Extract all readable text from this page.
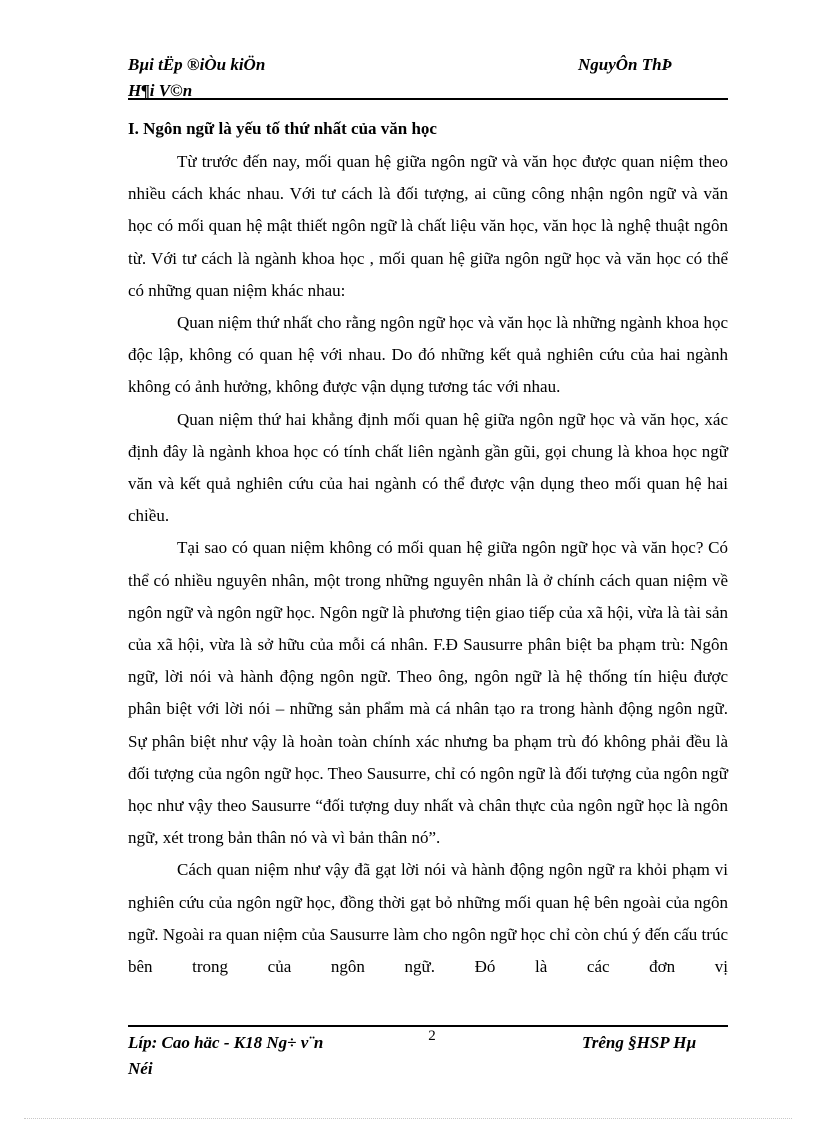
Bµi tËp ®iÒu kiÖn
H¶i V©n
NguyÔn ThÞ
I. Ngôn ngữ là yếu tố thứ nhất của văn học

Từ trước đến nay, mối quan hệ giữa ngôn ngữ và văn học được quan niệm theo nhiều cách khác nhau. Với tư cách là đối tượng, ai cũng công nhận ngôn ngữ và văn học có mối quan hệ mật thiết ngôn ngữ là chất liệu văn học, văn học là nghệ thuật ngôn từ. Với tư cách là ngành khoa học , mối quan hệ giữa ngôn ngữ học và văn học có thể có những quan niệm khác nhau:

Quan niệm thứ nhất cho rằng ngôn ngữ học và văn học là những ngành khoa học độc lập, không có quan hệ với nhau. Do đó những kết quả nghiên cứu của hai ngành không có ảnh hưởng, không được vận dụng tương tác với nhau.

Quan niệm thứ hai khẳng định mối quan hệ giữa ngôn ngữ học và văn học, xác định đây là ngành khoa học có tính chất liên ngành gần gũi, gọi chung là khoa học ngữ văn và kết quả nghiên cứu của hai ngành có thể được vận dụng theo mối quan hệ hai chiều.

Tại sao có quan niệm không có mối quan hệ giữa ngôn ngữ học và văn học? Có thể có nhiều nguyên nhân, một trong những nguyên nhân là ở chính cách quan niệm về ngôn ngữ và ngôn ngữ học. Ngôn ngữ là phương tiện giao tiếp của xã hội, vừa là tài sản của xã hội, vừa là sở hữu của mỗi cá nhân. F.Đ Sausurre phân biệt ba phạm trù: Ngôn ngữ, lời nói và hành động ngôn ngữ. Theo ông, ngôn ngữ là hệ thống tín hiệu được phân biệt với lời nói – những sản phẩm mà cá nhân tạo ra trong hành động ngôn ngữ. Sự phân biệt như vậy là hoàn toàn chính xác nhưng ba phạm trù đó không phải đều là đối tượng của ngôn ngữ học. Theo Sausurre, chỉ có ngôn ngữ là đối tượng của ngôn ngữ học như vậy theo Sausurre “đối tượng duy nhất và chân thực của ngôn ngữ học là ngôn ngữ, xét trong bản thân nó và vì bản thân nó”.

Cách quan niệm như vậy đã gạt lời nói và hành động ngôn ngữ ra khỏi phạm vi nghiên cứu của ngôn ngữ học, đồng thời gạt bỏ những mối quan hệ bên ngoài của ngôn ngữ. Ngoài ra quan niệm của Sausurre làm cho ngôn ngữ học chỉ còn chú ý đến cấu trúc bên trong của ngôn ngữ. Đó là các đơn vị

Líp: Cao häc - K18 Ng÷ v¨n
Néi
2	Trêng §HSP Hµ
